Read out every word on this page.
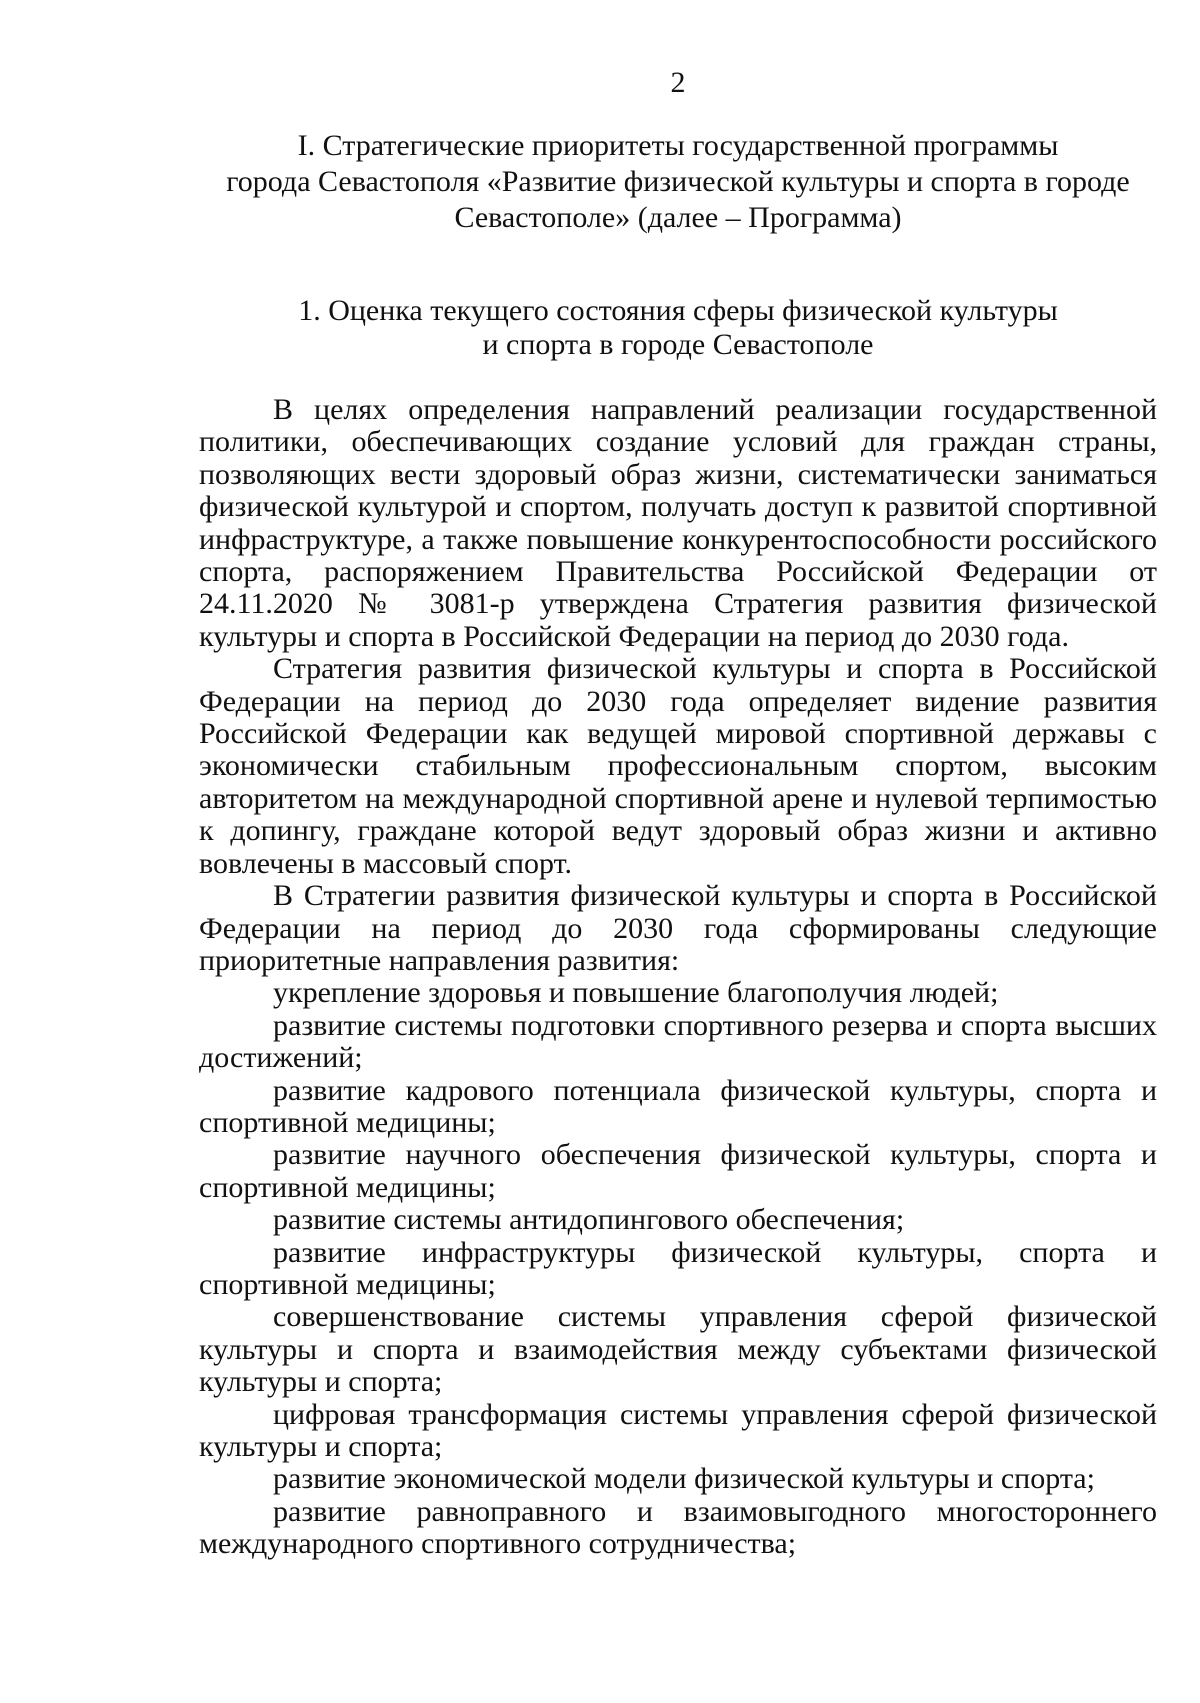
2
I. Стратегические приоритеты государственной программы
города Севастополя «Развитие физической культуры и спорта в городе
Севастополе» (далее – Программа)
1. Оценка текущего состояния сферы физической культуры
и спорта в городе Севастополе

В целях определения направлений реализации государственной политики, обеспечивающих создание условий для граждан страны, позволяющих вести здоровый образ жизни, систематически заниматься физической культурой и спортом, получать доступ к развитой спортивной инфраструктуре, а также повышение конкурентоспособности российского спорта, распоряжением Правительства Российской Федерации от 24.11.2020 № 3081-р утверждена Стратегия развития физической культуры и спорта в Российской Федерации на период до 2030 года.

Стратегия развития физической культуры и спорта в Российской Федерации на период до 2030 года определяет видение развития Российской Федерации как ведущей мировой спортивной державы с экономически стабильным профессиональным спортом, высоким авторитетом на международной спортивной арене и нулевой терпимостью к допингу, граждане которой ведут здоровый образ жизни и активно вовлечены в массовый спорт.

В Стратегии развития физической культуры и спорта в Российской Федерации на период до 2030 года сформированы следующие приоритетные направления развития:

укрепление здоровья и повышение благополучия людей;

развитие системы подготовки спортивного резерва и спорта высших достижений;

развитие кадрового потенциала физической культуры, спорта и спортивной медицины;

развитие научного обеспечения физической культуры, спорта и спортивной медицины;

развитие системы антидопингового обеспечения;

развитие инфраструктуры физической культуры, спорта и спортивной медицины;

совершенствование системы управления сферой физической культуры и спорта и взаимодействия между субъектами физической культуры и спорта;

цифровая трансформация системы управления сферой физической культуры и спорта;

развитие экономической модели физической культуры и спорта;

развитие равноправного и взаимовыгодного многостороннего международного спортивного сотрудничества;
